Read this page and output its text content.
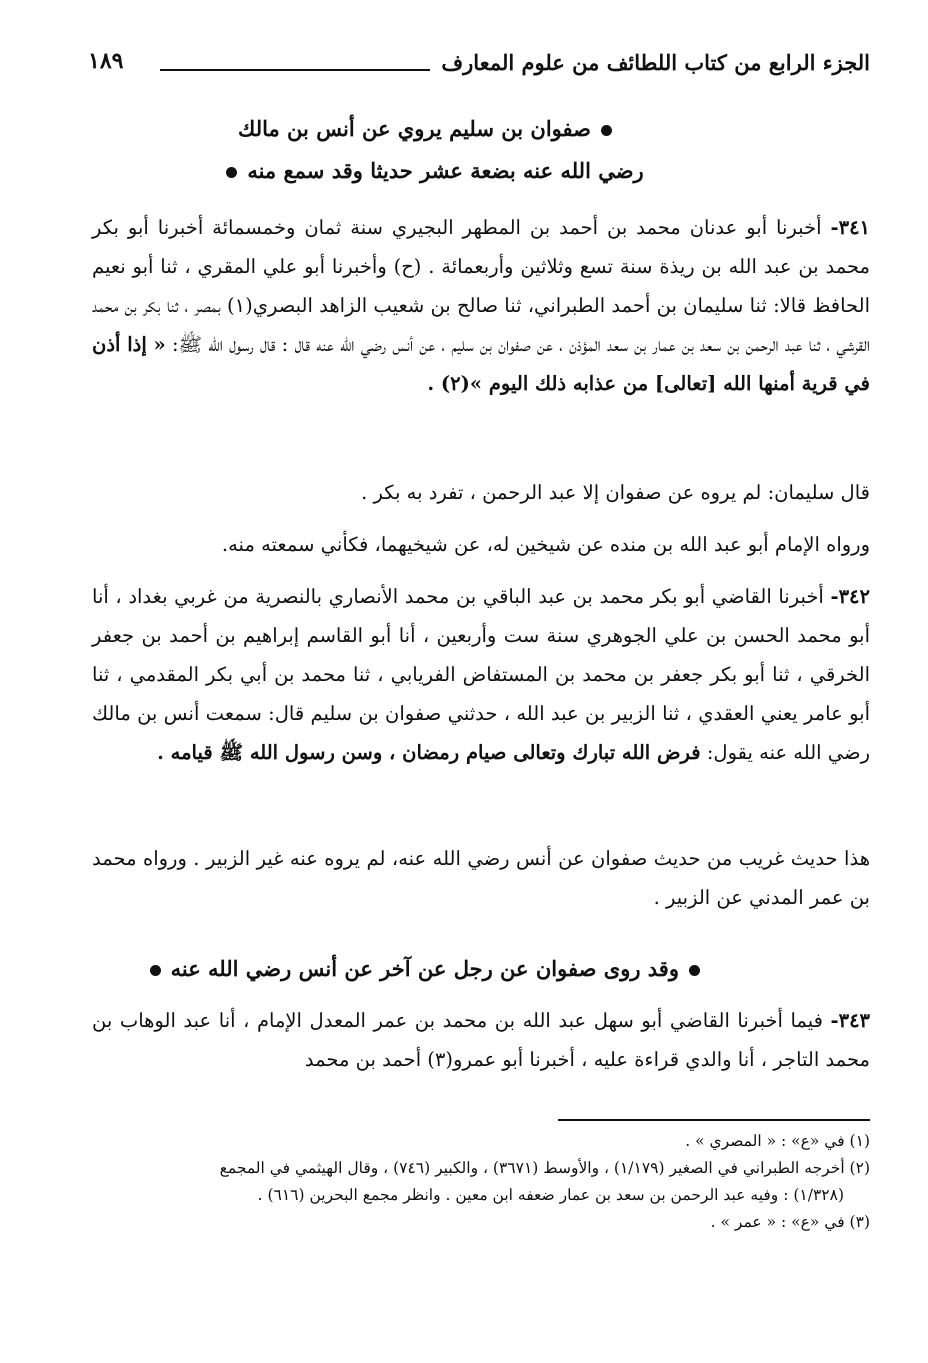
الجزء الرابع من كتاب اللطائف من علوم المعارف
١٨٩
صفوان بن سليم يروي عن أنس بن مالك
رضي الله عنه بضعة عشر حديثا وقد سمع منه
٣٤١- أخبرنا أبو عدنان محمد بن أحمد بن المطهر البجيري سنة ثمان وخمسمائة أخبرنا أبو بكر محمد بن عبد الله بن ريذة سنة تسع وثلاثين وأربعمائة . (ح) وأخبرنا أبو علي المقري ، ثنا أبو نعيم الحافظ قالا: ثنا سليمان بن أحمد الطبراني، ثنا صالح بن شعيب الزاهد البصري(١) بمصر ، ثنا بكر بن محمد القرشي ، ثنا عبد الرحمن بن سعد بن عمار بن سعد المؤذن ، عن صفوان بن سليم ، عن أنس رضي الله عنه قال : قال رسول الله ﷺ: « إذا أذن في قرية أمنها الله [تعالى] من عذابه ذلك اليوم »(٢) .
قال سليمان: لم يروه عن صفوان إلا عبد الرحمن ، تفرد به بكر .
ورواه الإمام أبو عبد الله بن منده عن شيخين له، عن شيخيهما، فكأني سمعته منه.
٣٤٢- أخبرنا القاضي أبو بكر محمد بن عبد الباقي بن محمد الأنصاري بالنصرية من غربي بغداد ، أنا أبو محمد الحسن بن علي الجوهري سنة ست وأربعين ، أنا أبو القاسم إبراهيم بن أحمد بن جعفر الخرقي ، ثنا أبو بكر جعفر بن محمد بن المستفاض الفريابي ، ثنا محمد بن أبي بكر المقدمي ، ثنا أبو عامر يعني العقدي ، ثنا الزبير بن عبد الله ، حدثني صفوان بن سليم قال: سمعت أنس بن مالك رضي الله عنه يقول: فرض الله تبارك وتعالى صيام رمضان ، وسن رسول الله ﷺ قيامه .
هذا حديث غريب من حديث صفوان عن أنس رضي الله عنه، لم يروه عنه غير الزبير . ورواه محمد بن عمر المدني عن الزبير .
وقد روى صفوان عن رجل عن آخر عن أنس رضي الله عنه
٣٤٣- فيما أخبرنا القاضي أبو سهل عبد الله بن محمد بن عمر المعدل الإمام ، أنا عبد الوهاب بن محمد التاجر ، أنا والدي قراءة عليه ، أخبرنا أبو عمرو(٣) أحمد بن محمد
(١) في «ع» : « المصري » .
(٢) أخرجه الطبراني في الصغير (١/١٧٩) ، والأوسط (٣٦٧١) ، والكبير (٧٤٦) ، وقال الهيثمي في المجمع
(١/٣٢٨) : وفيه عبد الرحمن بن سعد بن عمار ضعفه ابن معين . وانظر مجمع البحرين (٦١٦) .
(٣) في «ع» : « عمر » .
